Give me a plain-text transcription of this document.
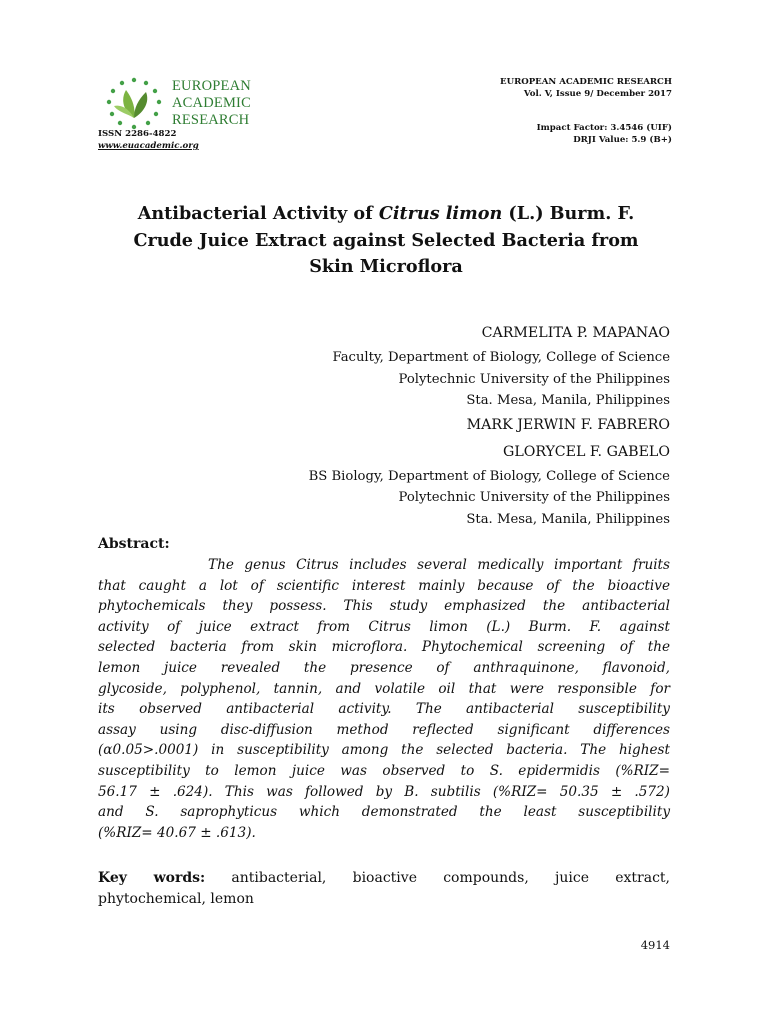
EUROPEAN
ACADEMIC
RESEARCH
ISSN 2286-4822
www.euacademic.org
EUROPEAN ACADEMIC RESEARCH
Vol. V, Issue 9/ December 2017
Impact Factor: 3.4546 (UIF)
DRJI Value: 5.9 (B+)
Antibacterial Activity of Citrus limon (L.) Burm. F.
Crude Juice Extract against Selected Bacteria from
Skin Microflora
CARMELITA P. MAPANAO
Faculty, Department of Biology, College of Science
Polytechnic University of the Philippines
Sta. Mesa, Manila, Philippines
MARK JERWIN F. FABRERO
GLORYCEL F. GABELO
BS Biology, Department of Biology, College of Science
Polytechnic University of the Philippines
Sta. Mesa, Manila, Philippines
Abstract:
The genus Citrus includes several medically important fruits
that caught a lot of scientific interest mainly because of the bioactive
phytochemicals they possess. This study emphasized the antibacterial
activity of juice extract from Citrus limon (L.) Burm. F. against
selected bacteria from skin microflora. Phytochemical screening of the
lemon juice revealed the presence of anthraquinone, flavonoid,
glycoside, polyphenol, tannin, and volatile oil that were responsible for
its observed antibacterial activity. The antibacterial susceptibility
assay using disc-diffusion method reflected significant differences
(α0.05>.0001) in susceptibility among the selected bacteria. The highest
susceptibility to lemon juice was observed to S. epidermidis (%RIZ=
56.17 ± .624). This was followed by B. subtilis (%RIZ= 50.35 ± .572)
and S. saprophyticus which demonstrated the least susceptibility
(%RIZ= 40.67 ± .613).
Key words: antibacterial, bioactive compounds, juice extract,
phytochemical, lemon
4914
